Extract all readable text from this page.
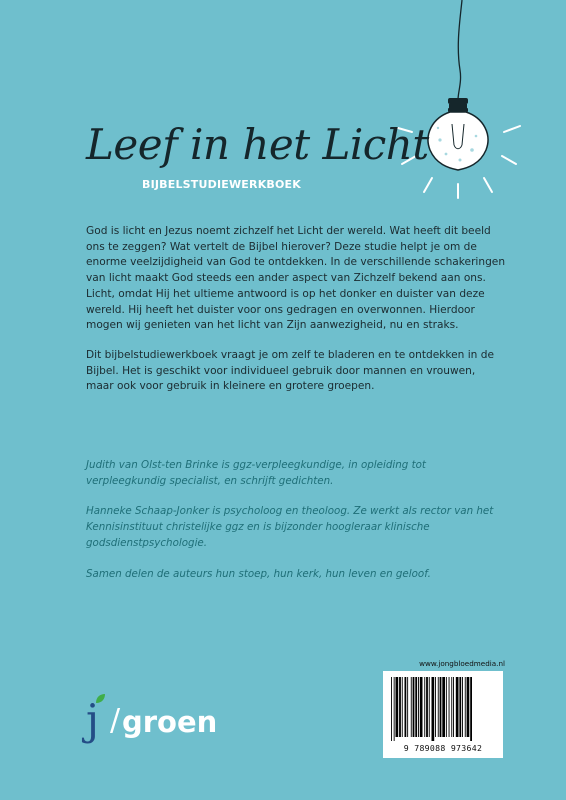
Leef in het Licht
BIJBELSTUDIEWERKBOEK

God is licht en Jezus noemt zichzelf het Licht der wereld. Wat heeft dit beeld ons te zeggen? Wat vertelt de Bijbel hierover? Deze studie helpt je om de enorme veelzijdigheid van God te ontdekken. In de verschillende schakeringen van licht maakt God steeds een ander aspect van Zichzelf bekend aan ons. Licht, omdat Hij het ultieme antwoord is op het donker en duister van deze wereld. Hij heeft het duister voor ons gedragen en overwonnen. Hierdoor mogen wij genieten van het licht van Zijn aanwezigheid, nu en straks.

Dit bijbelstudiewerkboek vraagt je om zelf te bladeren en te ontdekken in de Bijbel. Het is geschikt voor individueel gebruik door mannen en vrouwen, maar ook voor gebruik in kleinere en grotere groepen.

Judith van Olst-ten Brinke is ggz-verpleegkundige, in opleiding tot verpleegkundig specialist, en schrijft gedichten.

Hanneke Schaap-Jonker is psycholoog en theoloog. Ze werkt als rector van het Kennisinstituut christelijke ggz en is bijzonder hoogleraar klinische godsdienstpsychologie.

Samen delen de auteurs hun stoep, hun kerk, hun leven en geloof.

j / groen
www.jongbloedmedia.nl
9 789088 973642
